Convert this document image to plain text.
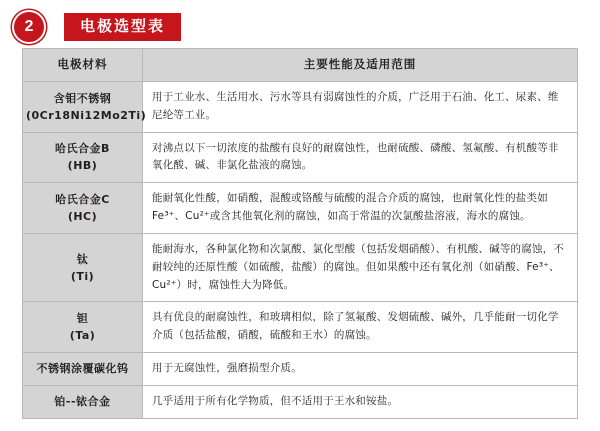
2	电极选型表
电极材料	主要性能及适用范围

含钼不锈钢
(0Cr18Ni12Mo2Ti)	用于工业水、生活用水、污水等具有弱腐蚀性的介质，广泛用于石油、化工、尿素、维尼纶等工业。

哈氏合金B
(HB)	对沸点以下一切浓度的盐酸有良好的耐腐蚀性，也耐硫酸、磷酸、氢氟酸、有机酸等非氧化酸、碱、非氯化盐液的腐蚀。

哈氏合金C
(HC)	能耐氧化性酸，如硝酸，混酸或铬酸与硫酸的混合介质的腐蚀，也耐氧化性的盐类如Fe³⁺、Cu²⁺或含其他氧化剂的腐蚀，如高于常温的次氯酸盐溶液，海水的腐蚀。

钛
(Ti)	能耐海水，各种氯化物和次氯酸、氯化型酸（包括发烟硝酸）、有机酸、碱等的腐蚀，不耐较纯的还原性酸（如硫酸，盐酸）的腐蚀。但如果酸中还有氧化剂（如硝酸、Fe³⁺、Cu²⁺）时，腐蚀性大为降低。

钽
(Ta)	具有优良的耐腐蚀性，和玻璃相似，除了氢氟酸、发烟硫酸、碱外，几乎能耐一切化学介质（包括盐酸，硝酸，硫酸和王水）的腐蚀。

不锈钢涂覆碳化钨	用于无腐蚀性，强磨损型介质。

铂--铱合金	几乎适用于所有化学物质，但不适用于王水和铵盐。
